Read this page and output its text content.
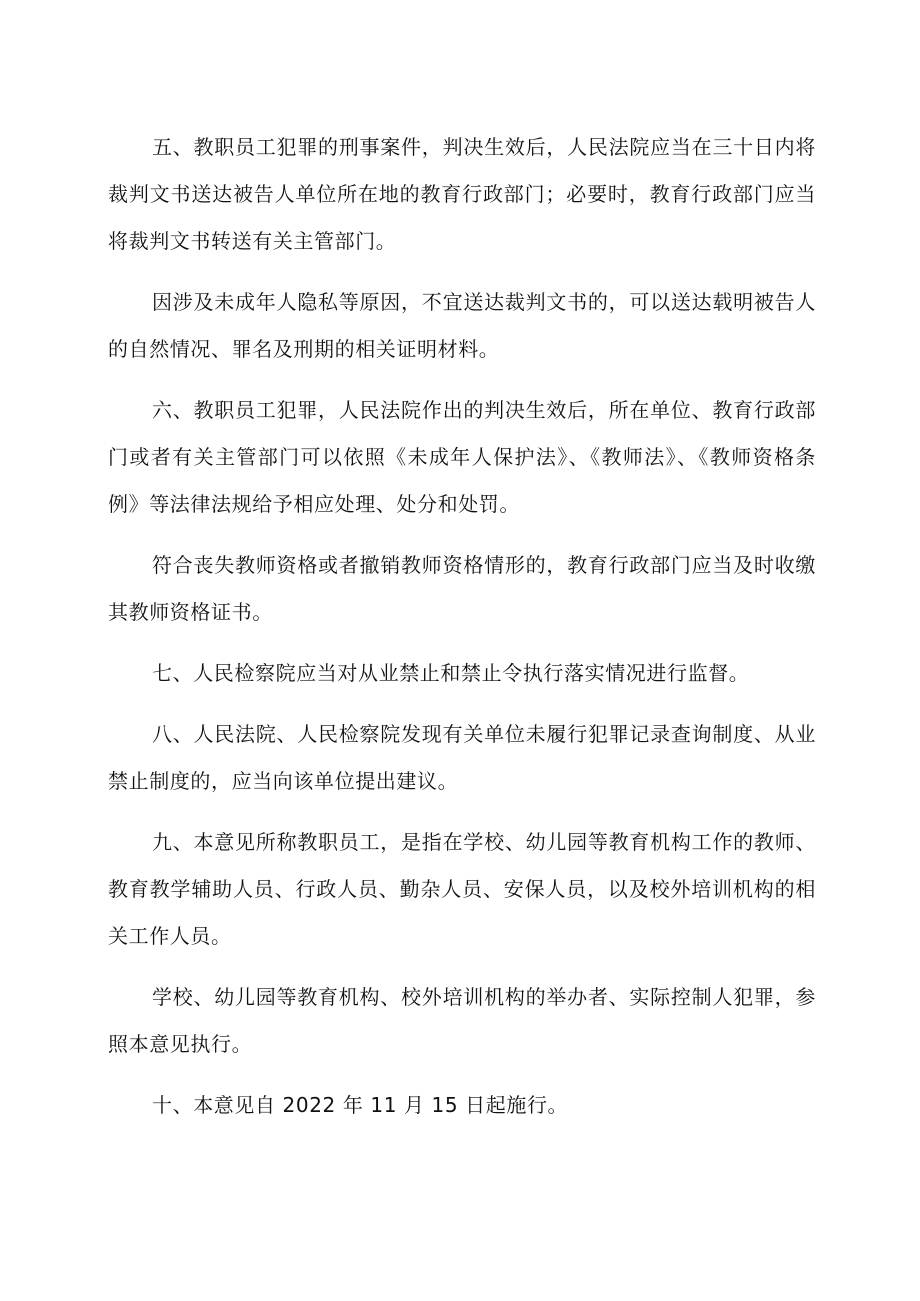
五、教职员工犯罪的刑事案件，判决生效后，人民法院应当在三十日内将裁判文书送达被告人单位所在地的教育行政部门；必要时，教育行政部门应当将裁判文书转送有关主管部门。

因涉及未成年人隐私等原因，不宜送达裁判文书的，可以送达载明被告人的自然情况、罪名及刑期的相关证明材料。

六、教职员工犯罪，人民法院作出的判决生效后，所在单位、教育行政部门或者有关主管部门可以依照《未成年人保护法》、《教师法》、《教师资格条例》等法律法规给予相应处理、处分和处罚。

符合丧失教师资格或者撤销教师资格情形的，教育行政部门应当及时收缴其教师资格证书。

七、人民检察院应当对从业禁止和禁止令执行落实情况进行监督。

八、人民法院、人民检察院发现有关单位未履行犯罪记录查询制度、从业禁止制度的，应当向该单位提出建议。

九、本意见所称教职员工，是指在学校、幼儿园等教育机构工作的教师、教育教学辅助人员、行政人员、勤杂人员、安保人员，以及校外培训机构的相关工作人员。

学校、幼儿园等教育机构、校外培训机构的举办者、实际控制人犯罪，参照本意见执行。

十、本意见自 2022 年 11 月 15 日起施行。
